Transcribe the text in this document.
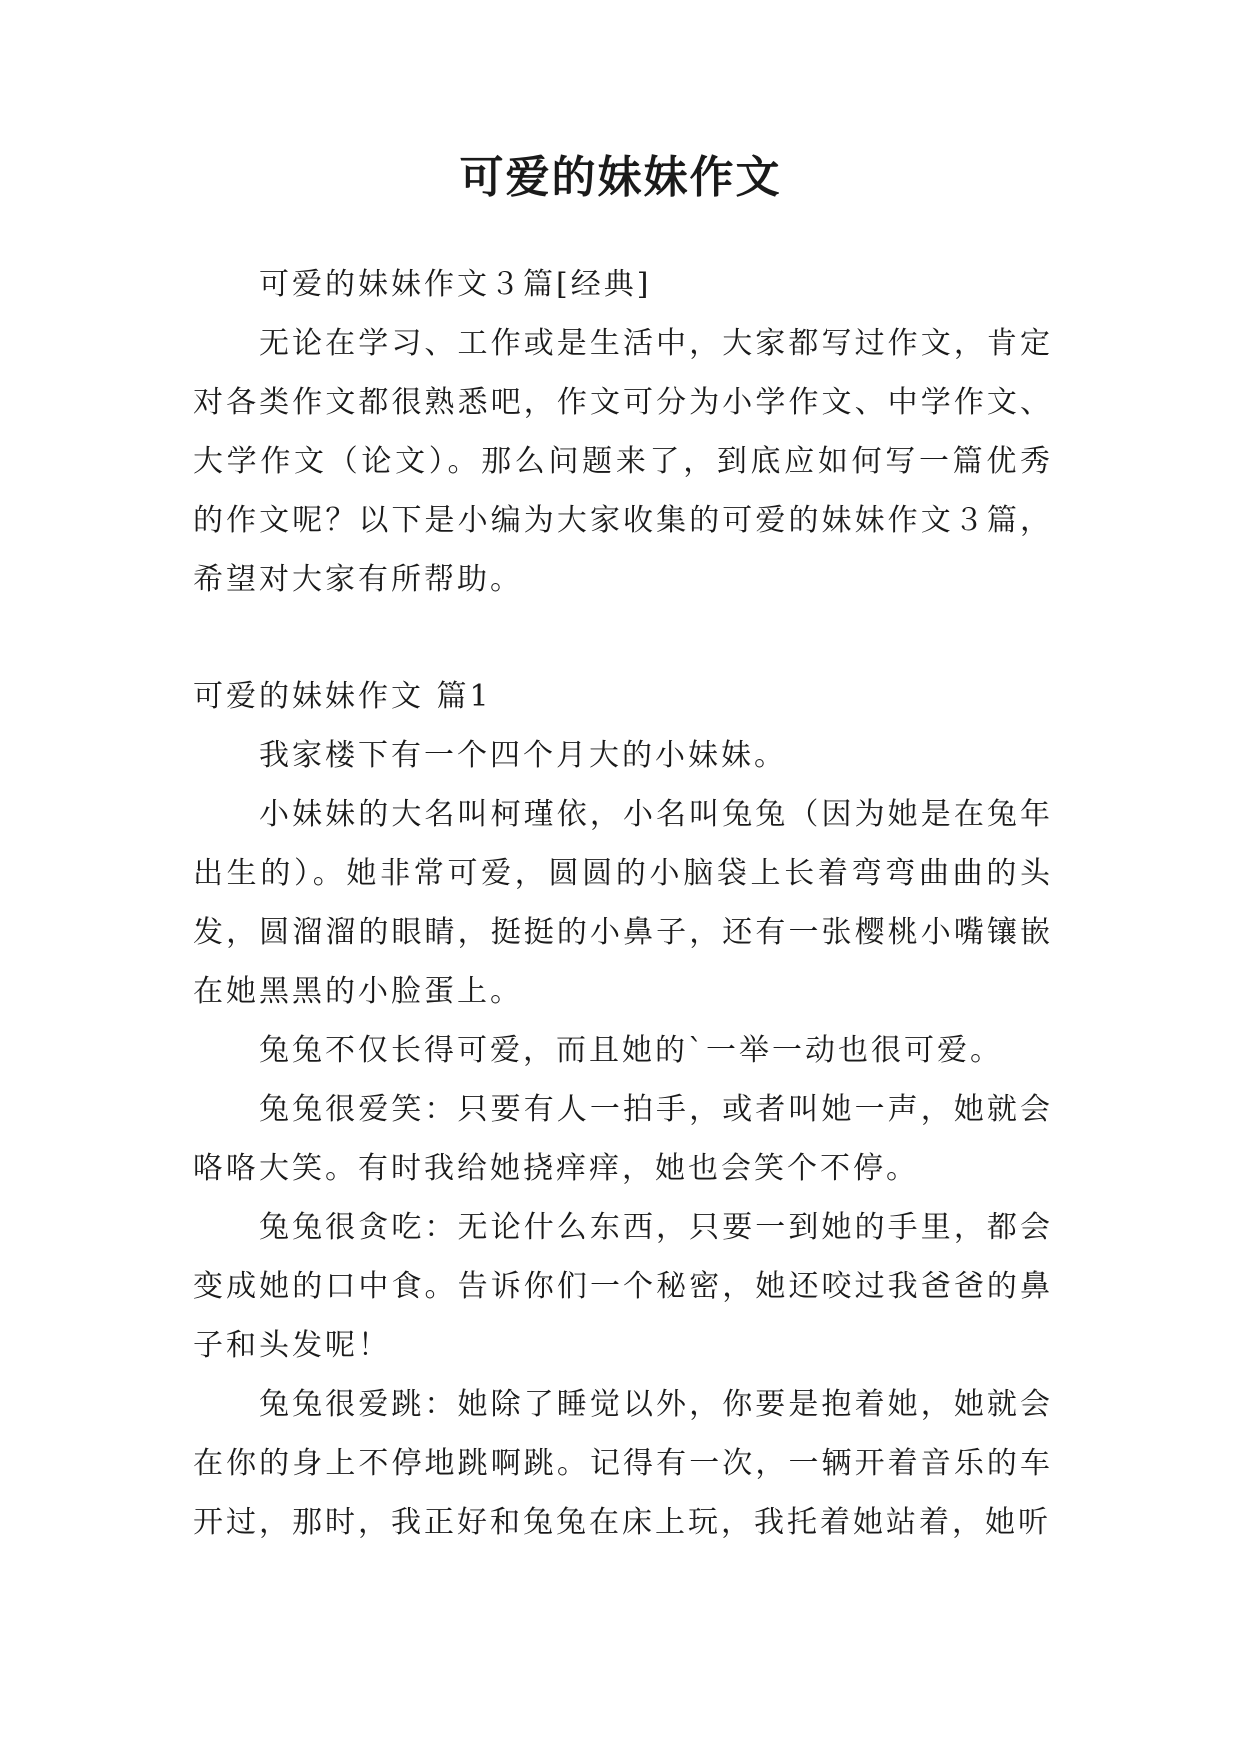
可爱的妹妹作文

可爱的妹妹作文３篇[经典]

无论在学习、工作或是生活中，大家都写过作文，肯定对各类作文都很熟悉吧，作文可分为小学作文、中学作文、大学作文（论文）。那么问题来了，到底应如何写一篇优秀的作文呢？以下是小编为大家收集的可爱的妹妹作文３篇，希望对大家有所帮助。

可爱的妹妹作文 篇1

我家楼下有一个四个月大的小妹妹。

小妹妹的大名叫柯瑾依，小名叫兔兔（因为她是在兔年出生的）。她非常可爱，圆圆的小脑袋上长着弯弯曲曲的头发，圆溜溜的眼睛，挺挺的小鼻子，还有一张樱桃小嘴镶嵌在她黑黑的小脸蛋上。

兔兔不仅长得可爱，而且她的`一举一动也很可爱。

兔兔很爱笑：只要有人一拍手，或者叫她一声，她就会咯咯大笑。有时我给她挠痒痒，她也会笑个不停。

兔兔很贪吃：无论什么东西，只要一到她的手里，都会变成她的口中食。告诉你们一个秘密，她还咬过我爸爸的鼻子和头发呢！

兔兔很爱跳：她除了睡觉以外，你要是抱着她，她就会在你的身上不停地跳啊跳。记得有一次，一辆开着音乐的车开过，那时，我正好和兔兔在床上玩，我托着她站着，她听
